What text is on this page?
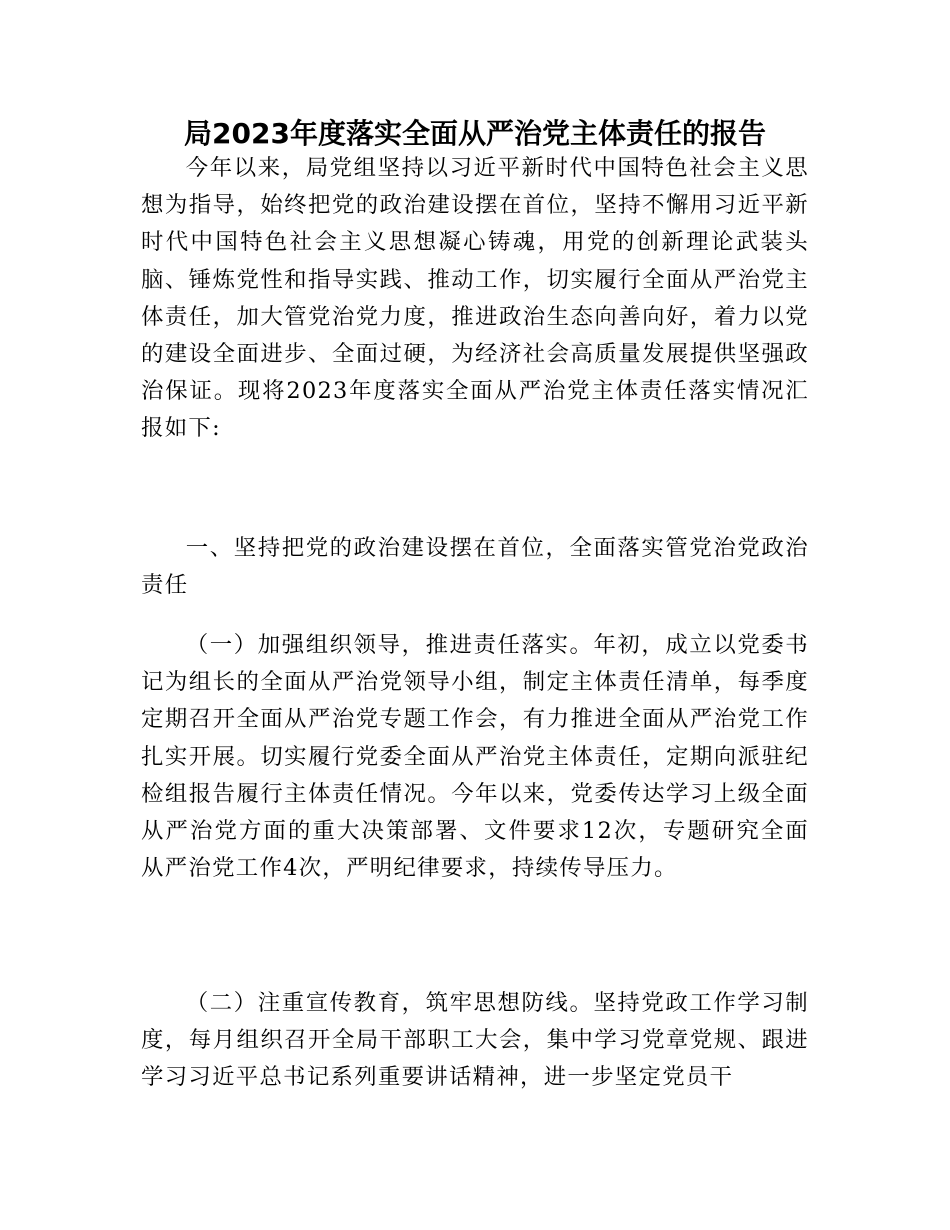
局2023年度落实全面从严治党主体责任的报告

今年以来，局党组坚持以习近平新时代中国特色社会主义思想为指导，始终把党的政治建设摆在首位，坚持不懈用习近平新时代中国特色社会主义思想凝心铸魂，用党的创新理论武装头脑、锤炼党性和指导实践、推动工作，切实履行全面从严治党主体责任，加大管党治党力度，推进政治生态向善向好，着力以党的建设全面进步、全面过硬，为经济社会高质量发展提供坚强政治保证。现将2023年度落实全面从严治党主体责任落实情况汇报如下:

一、坚持把党的政治建设摆在首位，全面落实管党治党政治责任

（一）加强组织领导，推进责任落实。年初，成立以党委书记为组长的全面从严治党领导小组，制定主体责任清单，每季度定期召开全面从严治党专题工作会，有力推进全面从严治党工作扎实开展。切实履行党委全面从严治党主体责任，定期向派驻纪检组报告履行主体责任情况。今年以来，党委传达学习上级全面从严治党方面的重大决策部署、文件要求12次，专题研究全面从严治党工作4次，严明纪律要求，持续传导压力。

（二）注重宣传教育，筑牢思想防线。坚持党政工作学习制度，每月组织召开全局干部职工大会，集中学习党章党规、跟进学习习近平总书记系列重要讲话精神，进一步坚定党员干
